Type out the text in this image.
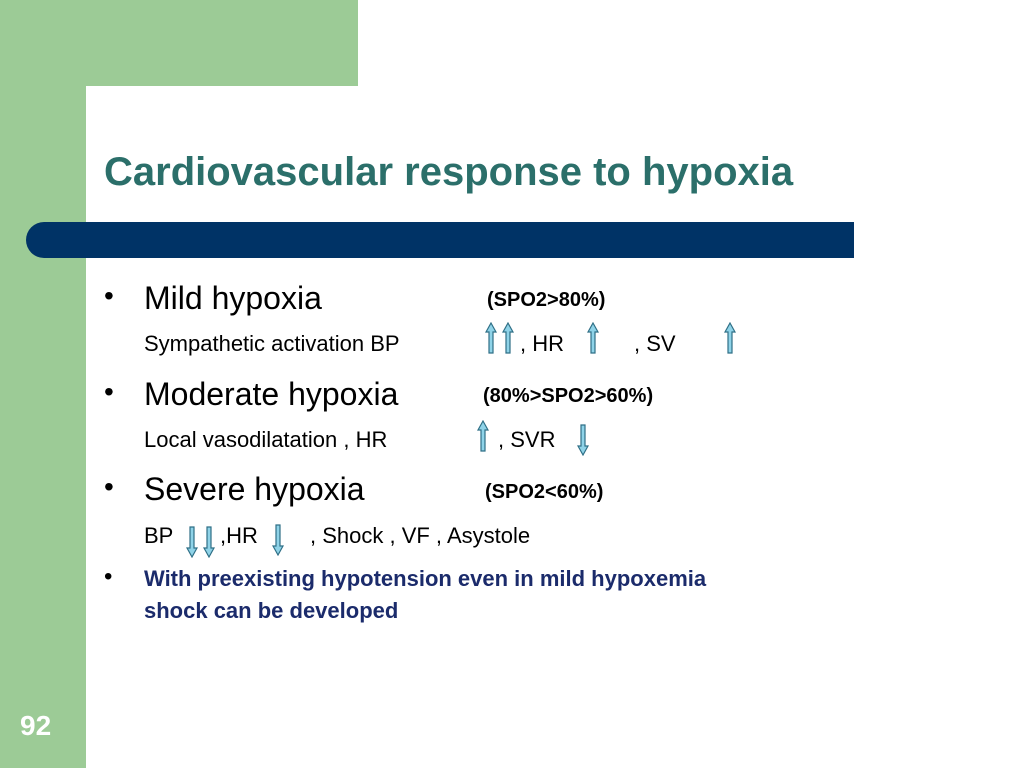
Cardiovascular response to hypoxia
• Mild hypoxia	(SPO2>80%)
Sympathetic activation BP	, HR	, SV
• Moderate hypoxia	(80%>SPO2>60%)
Local vasodilatation , HR	, SVR
• Severe hypoxia	(SPO2<60%)
BP ,HR , Shock , VF , Asystole
• With preexisting hypotension even in mild hypoxemia
shock can be developed
92
